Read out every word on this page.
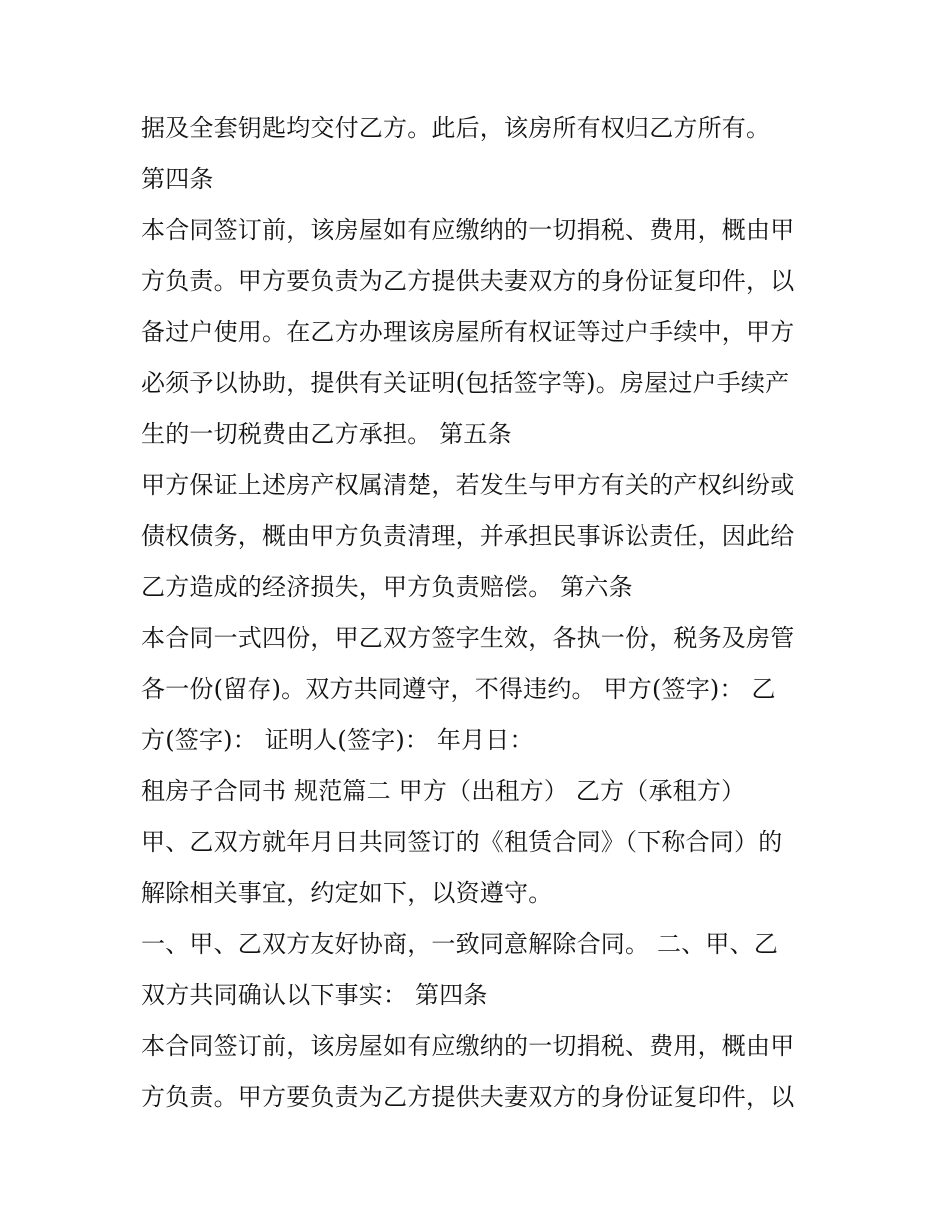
据及全套钥匙均交付乙方。此后，该房所有权归乙方所有。
第四条
本合同签订前，该房屋如有应缴纳的一切捐税、费用，概由甲
方负责。甲方要负责为乙方提供夫妻双方的身份证复印件，以
备过户使用。在乙方办理该房屋所有权证等过户手续中，甲方
必须予以协助，提供有关证明(包括签字等)。房屋过户手续产
生的一切税费由乙方承担。 第五条
甲方保证上述房产权属清楚，若发生与甲方有关的产权纠纷或
债权债务，概由甲方负责清理，并承担民事诉讼责任，因此给
乙方造成的经济损失，甲方负责赔偿。 第六条
本合同一式四份，甲乙双方签字生效，各执一份，税务及房管
各一份(留存)。双方共同遵守，不得违约。 甲方(签字)： 乙
方(签字)： 证明人(签字)： 年月日：
租房子合同书 规范篇二 甲方（出租方） 乙方（承租方）
甲、乙双方就年月日共同签订的《租赁合同》（下称合同）的
解除相关事宜，约定如下，以资遵守。
一、甲、乙双方友好协商，一致同意解除合同。 二、甲、乙
双方共同确认以下事实： 第四条
本合同签订前，该房屋如有应缴纳的一切捐税、费用，概由甲
方负责。甲方要负责为乙方提供夫妻双方的身份证复印件，以
